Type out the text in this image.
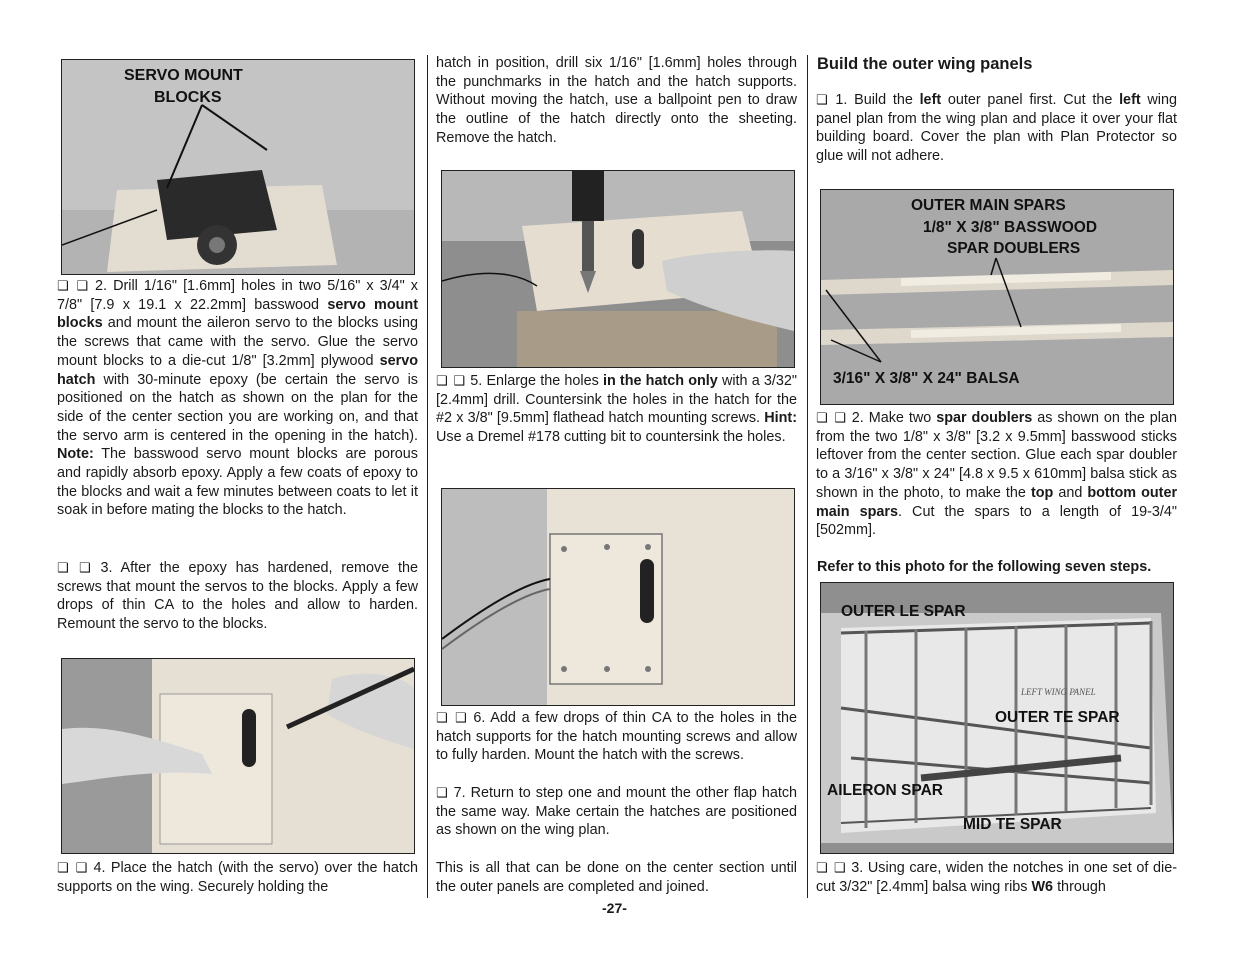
SERVO MOUNT
BLOCKS

❑ ❑ 2. Drill 1/16" [1.6mm] holes in two 5/16" x 3/4" x 7/8" [7.9 x 19.1 x 22.2mm] basswood servo mount blocks and mount the aileron servo to the blocks using the screws that came with the servo. Glue the servo mount blocks to a die-cut 1/8" [3.2mm] plywood servo hatch with 30-minute epoxy (be certain the servo is positioned on the hatch as shown on the plan for the side of the center section you are working on, and that the servo arm is centered in the opening in the hatch). Note: The basswood servo mount blocks are porous and rapidly absorb epoxy. Apply a few coats of epoxy to the blocks and wait a few minutes between coats to let it soak in before mating the blocks to the hatch.

❑ ❑ 3. After the epoxy has hardened, remove the screws that mount the servos to the blocks. Apply a few drops of thin CA to the holes and allow to harden. Remount the servo to the blocks.

❑ ❑ 4. Place the hatch (with the servo) over the hatch supports on the wing. Securely holding the

hatch in position, drill six 1/16" [1.6mm] holes through the punchmarks in the hatch and the hatch supports. Without moving the hatch, use a ballpoint pen to draw the outline of the hatch directly onto the sheeting. Remove the hatch.

❑ ❑ 5. Enlarge the holes in the hatch only with a 3/32" [2.4mm] drill. Countersink the holes in the hatch for the #2 x 3/8" [9.5mm] flathead hatch mounting screws. Hint: Use a Dremel #178 cutting bit to countersink the holes.

❑ ❑ 6. Add a few drops of thin CA to the holes in the hatch supports for the hatch mounting screws and allow to fully harden. Mount the hatch with the screws.

❑ 7. Return to step one and mount the other flap hatch the same way. Make certain the hatches are positioned as shown on the wing plan.

This is all that can be done on the center section until the outer panels are completed and joined.

Build the outer wing panels

❑ 1. Build the left outer panel first. Cut the left wing panel plan from the wing plan and place it over your flat building board. Cover the plan with Plan Protector so glue will not adhere.

OUTER MAIN SPARS
1/8" X 3/8" BASSWOOD
SPAR DOUBLERS
3/16" X 3/8" X 24" BALSA

❑ ❑ 2. Make two spar doublers as shown on the plan from the two 1/8" x 3/8" [3.2 x 9.5mm] basswood sticks leftover from the center section. Glue each spar doubler to a 3/16" x 3/8" x 24" [4.8 x 9.5 x 610mm] balsa stick as shown in the photo, to make the top and bottom outer main spars. Cut the spars to a length of 19-3/4" [502mm].

Refer to this photo for the following seven steps.

LEFT WING PANEL
OUTER LE SPAR
OUTER TE SPAR
AILERON SPAR
MID TE SPAR

❑ ❑ 3. Using care, widen the notches in one set of die-cut 3/32" [2.4mm] balsa wing ribs W6 through

-27-
